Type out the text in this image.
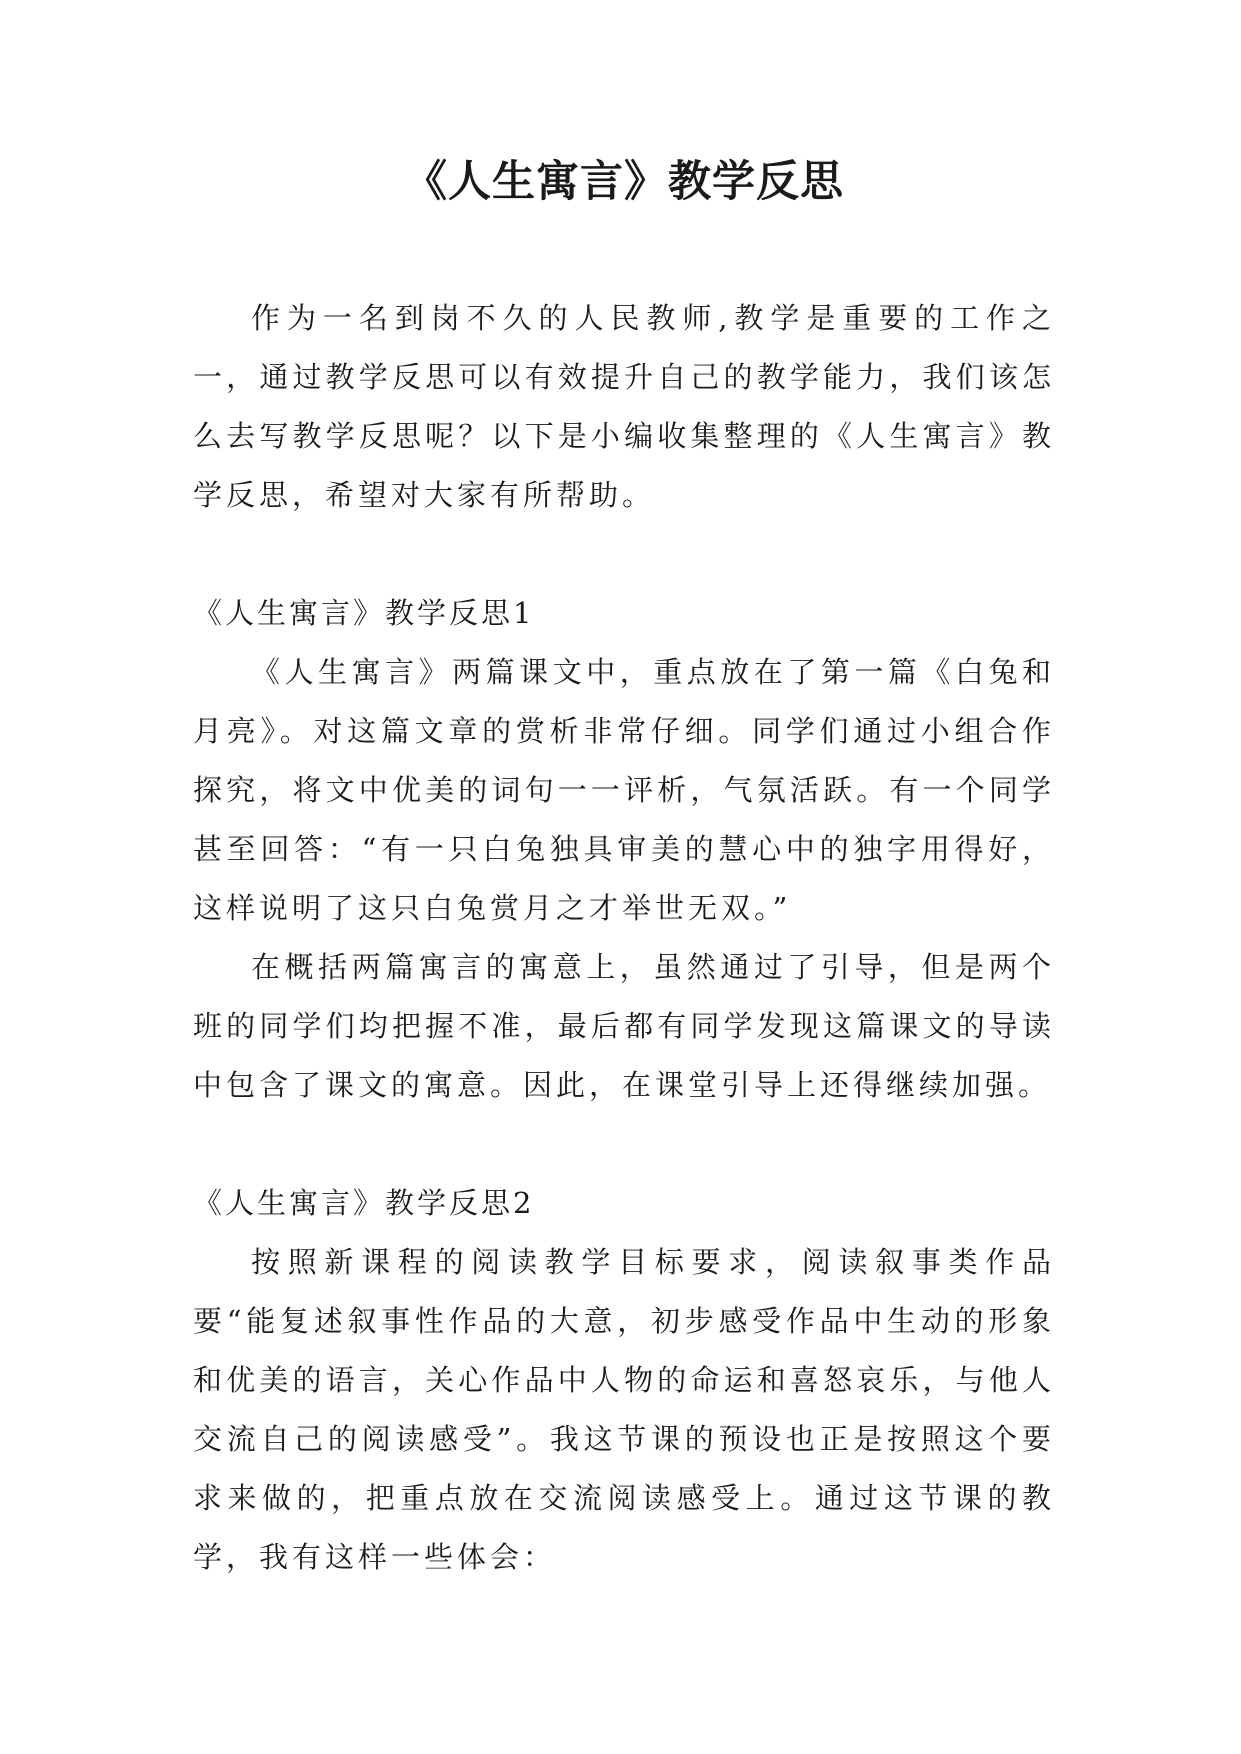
《人生寓言》教学反思

作为一名到岗不久的人民教师,教学是重要的工作之一，通过教学反思可以有效提升自己的教学能力，我们该怎么去写教学反思呢？以下是小编收集整理的《人生寓言》教学反思，希望对大家有所帮助。

《人生寓言》教学反思1

《人生寓言》两篇课文中，重点放在了第一篇《白兔和月亮》。对这篇文章的赏析非常仔细。同学们通过小组合作探究，将文中优美的词句一一评析，气氛活跃。有一个同学甚至回答：“有一只白兔独具审美的慧心中的独字用得好，这样说明了这只白兔赏月之才举世无双。”

在概括两篇寓言的寓意上，虽然通过了引导，但是两个班的同学们均把握不准，最后都有同学发现这篇课文的导读中包含了课文的寓意。因此，在课堂引导上还得继续加强。

《人生寓言》教学反思2

按照新课程的阅读教学目标要求，阅读叙事类作品要“能复述叙事性作品的大意，初步感受作品中生动的形象和优美的语言，关心作品中人物的命运和喜怒哀乐，与他人交流自己的阅读感受”。我这节课的预设也正是按照这个要求来做的，把重点放在交流阅读感受上。通过这节课的教学，我有这样一些体会：
